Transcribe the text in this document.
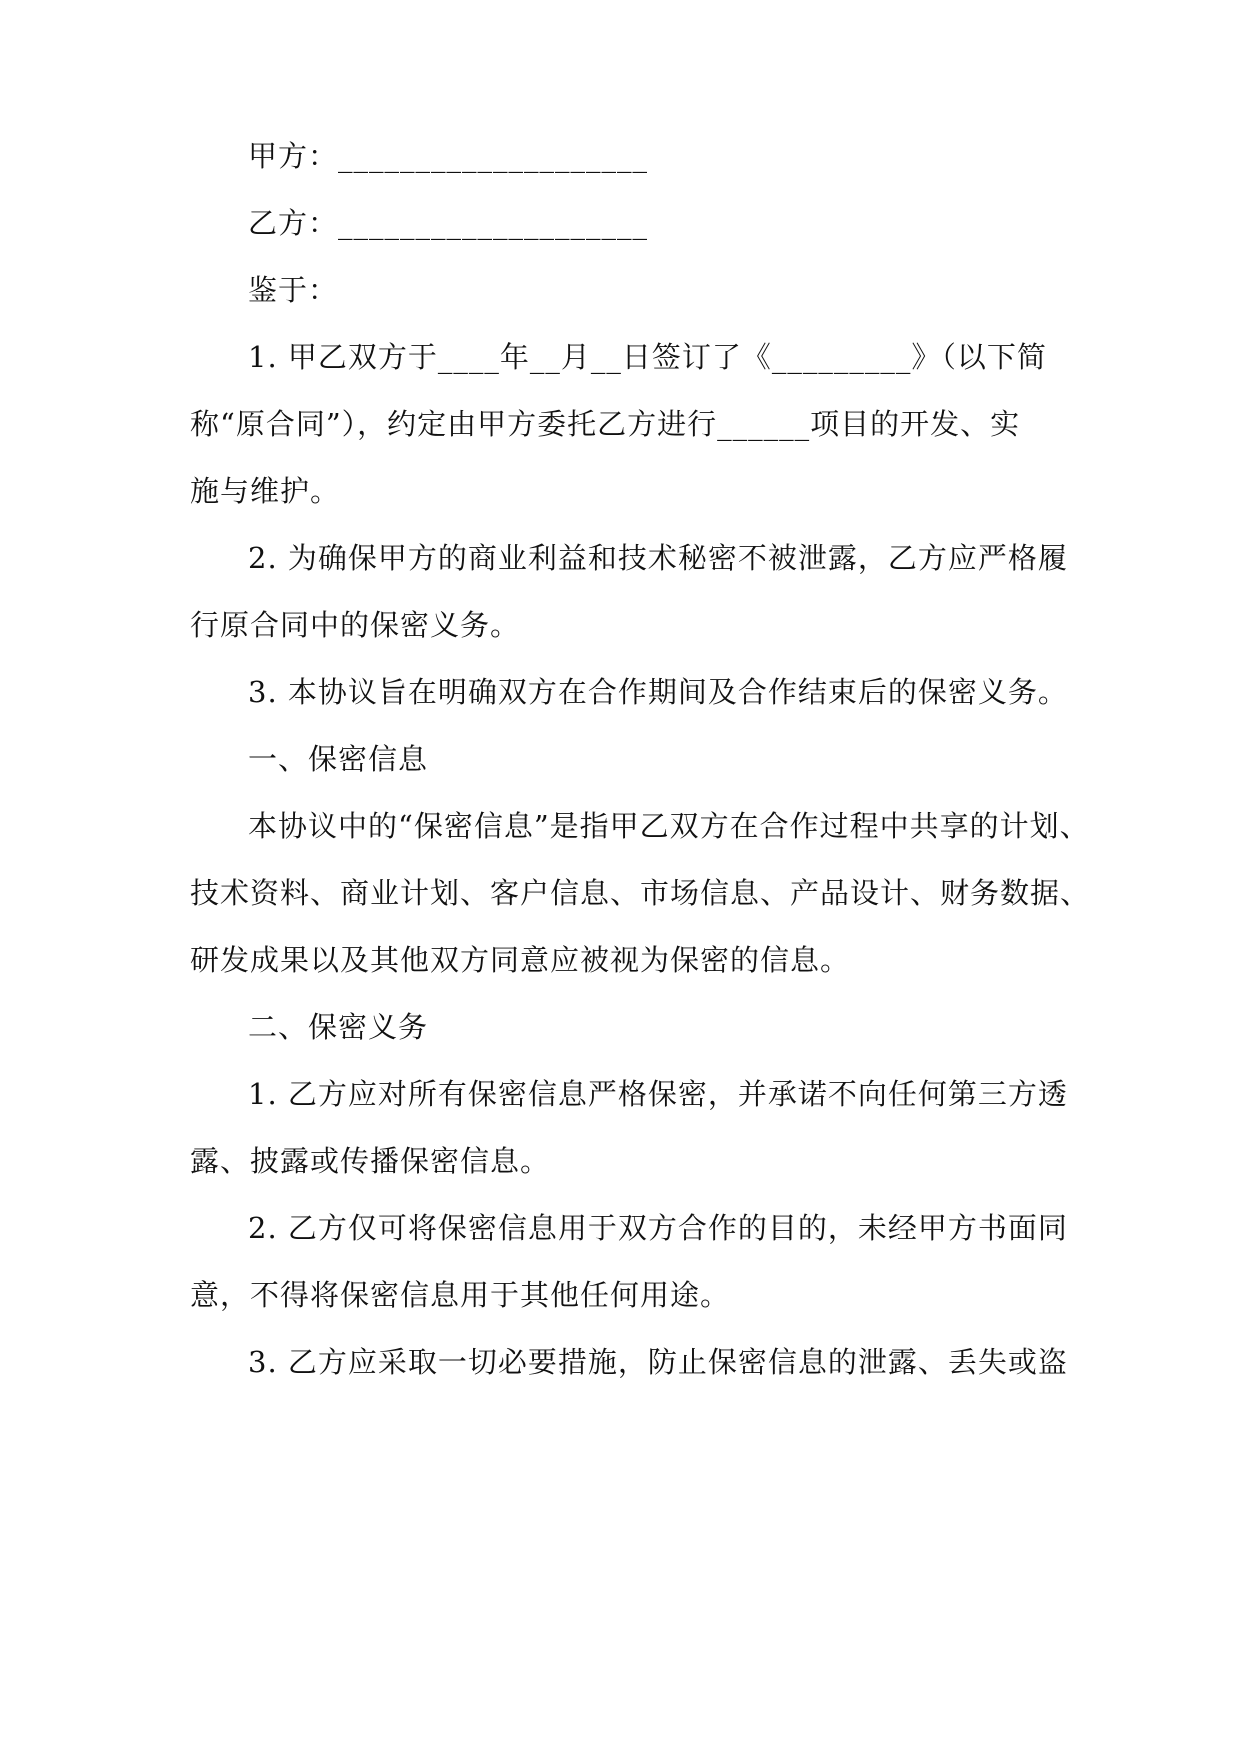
甲方：____________________
乙方：____________________
鉴于：
1. 甲乙双方于____年__月__日签订了《_________》（以下简
称“原合同”），约定由甲方委托乙方进行______项目的开发、实
施与维护。
2. 为确保甲方的商业利益和技术秘密不被泄露，乙方应严格履
行原合同中的保密义务。
3. 本协议旨在明确双方在合作期间及合作结束后的保密义务。
一、保密信息
本协议中的“保密信息”是指甲乙双方在合作过程中共享的计划、
技术资料、商业计划、客户信息、市场信息、产品设计、财务数据、
研发成果以及其他双方同意应被视为保密的信息。
二、保密义务
1. 乙方应对所有保密信息严格保密，并承诺不向任何第三方透
露、披露或传播保密信息。
2. 乙方仅可将保密信息用于双方合作的目的，未经甲方书面同
意，不得将保密信息用于其他任何用途。
3. 乙方应采取一切必要措施，防止保密信息的泄露、丢失或盗
